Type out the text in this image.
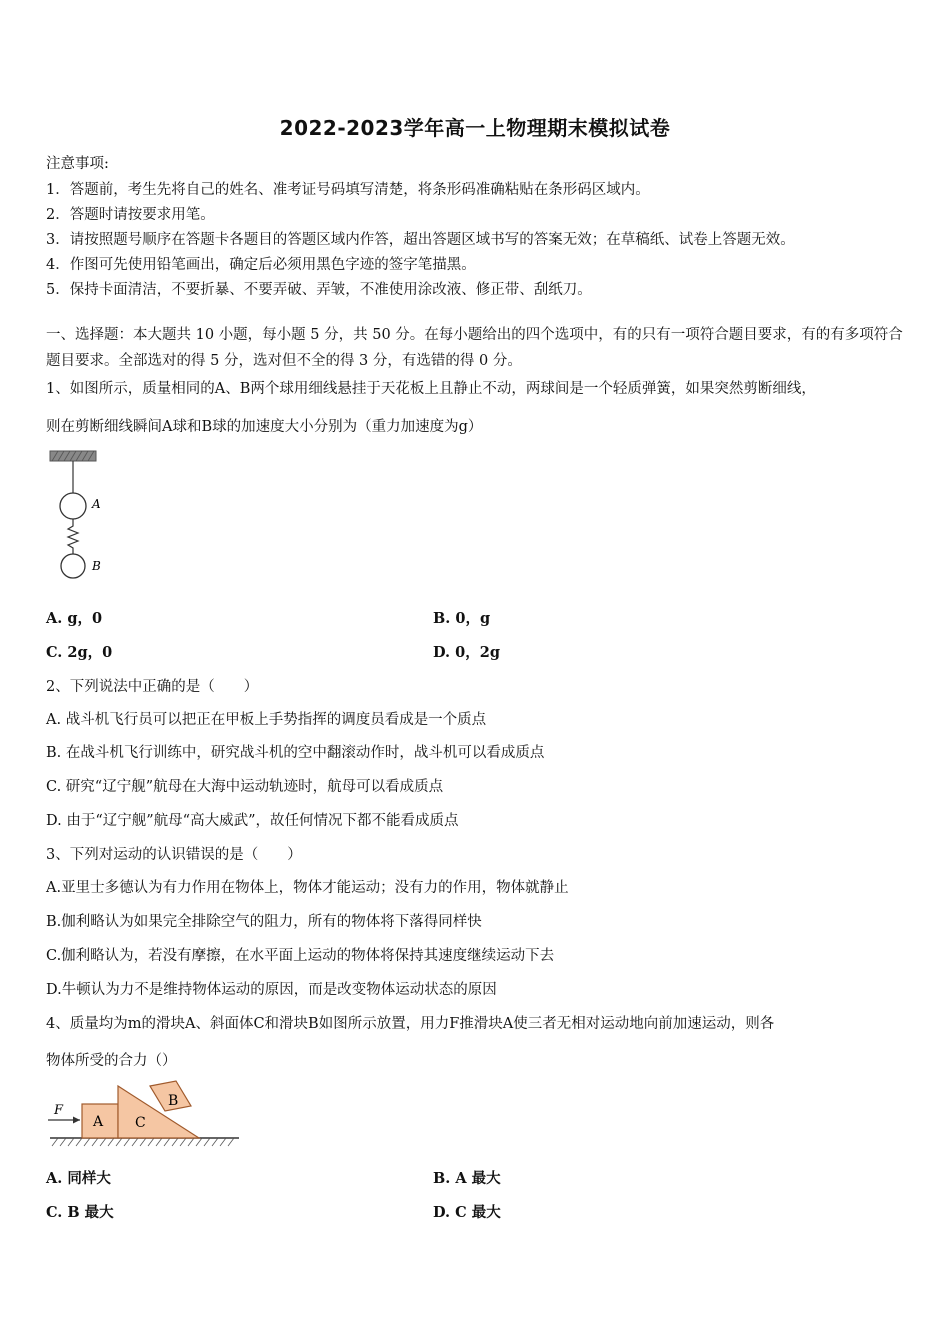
2022-2023学年高一上物理期末模拟试卷
注意事项:
1．答题前，考生先将自己的姓名、准考证号码填写清楚，将条形码准确粘贴在条形码区域内。
2．答题时请按要求用笔。
3．请按照题号顺序在答题卡各题目的答题区域内作答，超出答题区域书写的答案无效；在草稿纸、试卷上答题无效。
4．作图可先使用铅笔画出，确定后必须用黑色字迹的签字笔描黑。
5．保持卡面清洁，不要折暴、不要弄破、弄皱，不准使用涂改液、修正带、刮纸刀。
一、选择题：本大题共 10 小题，每小题 5 分，共 50 分。在每小题给出的四个选项中，有的只有一项符合题目要求，有的有多项符合题目要求。全部选对的得 5 分，选对但不全的得 3 分，有选错的得 0 分。
1、如图所示，质量相同的A、B两个球用细线悬挂于天花板上且静止不动，两球间是一个轻质弹簧，如果突然剪断细线，
则在剪断细线瞬间A球和B球的加速度大小分别为（重力加速度为g）
A
B
A. g，0	B. 0，g
C. 2g，0	D. 0，2g
2、下列说法中正确的是（　　）
A. 战斗机飞行员可以把正在甲板上手势指挥的调度员看成是一个质点
B. 在战斗机飞行训练中，研究战斗机的空中翻滚动作时，战斗机可以看成质点
C. 研究“辽宁舰”航母在大海中运动轨迹时，航母可以看成质点
D. 由于“辽宁舰”航母“高大威武”，故任何情况下都不能看成质点
3、下列对运动的认识错误的是（　　）
A.亚里士多德认为有力作用在物体上，物体才能运动；没有力的作用，物体就静止
B.伽利略认为如果完全排除空气的阻力，所有的物体将下落得同样快
C.伽利略认为，若没有摩擦，在水平面上运动的物体将保持其速度继续运动下去
D.牛顿认为力不是维持物体运动的原因，而是改变物体运动状态的原因
4、质量均为m的滑块A、斜面体C和滑块B如图所示放置，用力F推滑块A使三者无相对运动地向前加速运动，则各
物体所受的合力（）
F
A C
B
A. 同样大	B. A 最大
C. B 最大	D. C 最大
